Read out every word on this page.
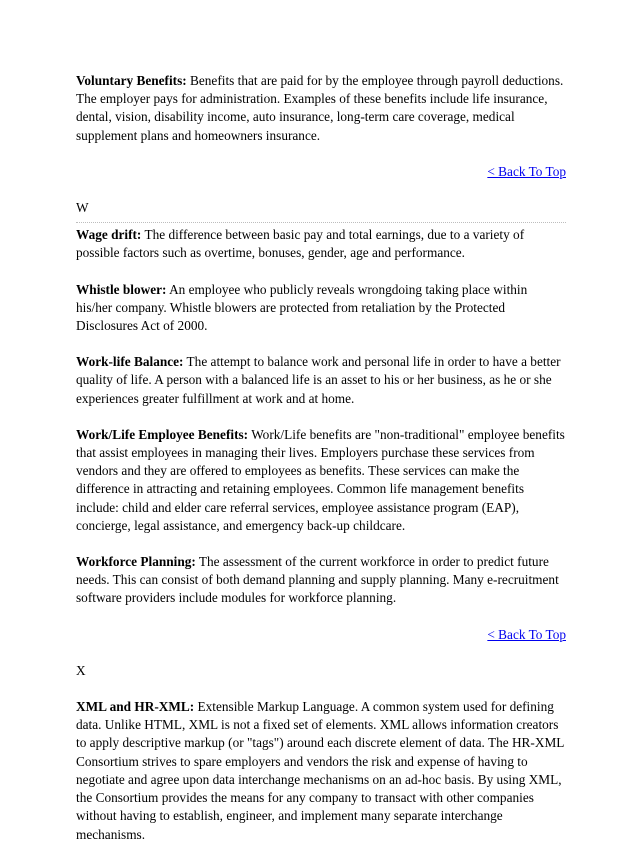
Voluntary Benefits: Benefits that are paid for by the employee through payroll deductions. The employer pays for administration. Examples of these benefits include life insurance, dental, vision, disability income, auto insurance, long-term care coverage, medical supplement plans and homeowners insurance.

< Back To Top
W

Wage drift: The difference between basic pay and total earnings, due to a variety of possible factors such as overtime, bonuses, gender, age and performance.

Whistle blower: An employee who publicly reveals wrongdoing taking place within his/her company. Whistle blowers are protected from retaliation by the Protected Disclosures Act of 2000.

Work-life Balance: The attempt to balance work and personal life in order to have a better quality of life. A person with a balanced life is an asset to his or her business, as he or she experiences greater fulfillment at work and at home.

Work/Life Employee Benefits: Work/Life benefits are "non-traditional" employee benefits that assist employees in managing their lives. Employers purchase these services from vendors and they are offered to employees as benefits. These services can make the difference in attracting and retaining employees. Common life management benefits include: child and elder care referral services, employee assistance program (EAP), concierge, legal assistance, and emergency back-up childcare.

Workforce Planning: The assessment of the current workforce in order to predict future needs. This can consist of both demand planning and supply planning. Many e-recruitment software providers include modules for workforce planning.

< Back To Top
X

XML and HR-XML: Extensible Markup Language. A common system used for defining data. Unlike HTML, XML is not a fixed set of elements. XML allows information creators to apply descriptive markup (or "tags") around each discrete element of data. The HR-XML Consortium strives to spare employers and vendors the risk and expense of having to negotiate and agree upon data interchange mechanisms on an ad-hoc basis. By using XML, the Consortium provides the means for any company to transact with other companies without having to establish, engineer, and implement many separate interchange mechanisms.
